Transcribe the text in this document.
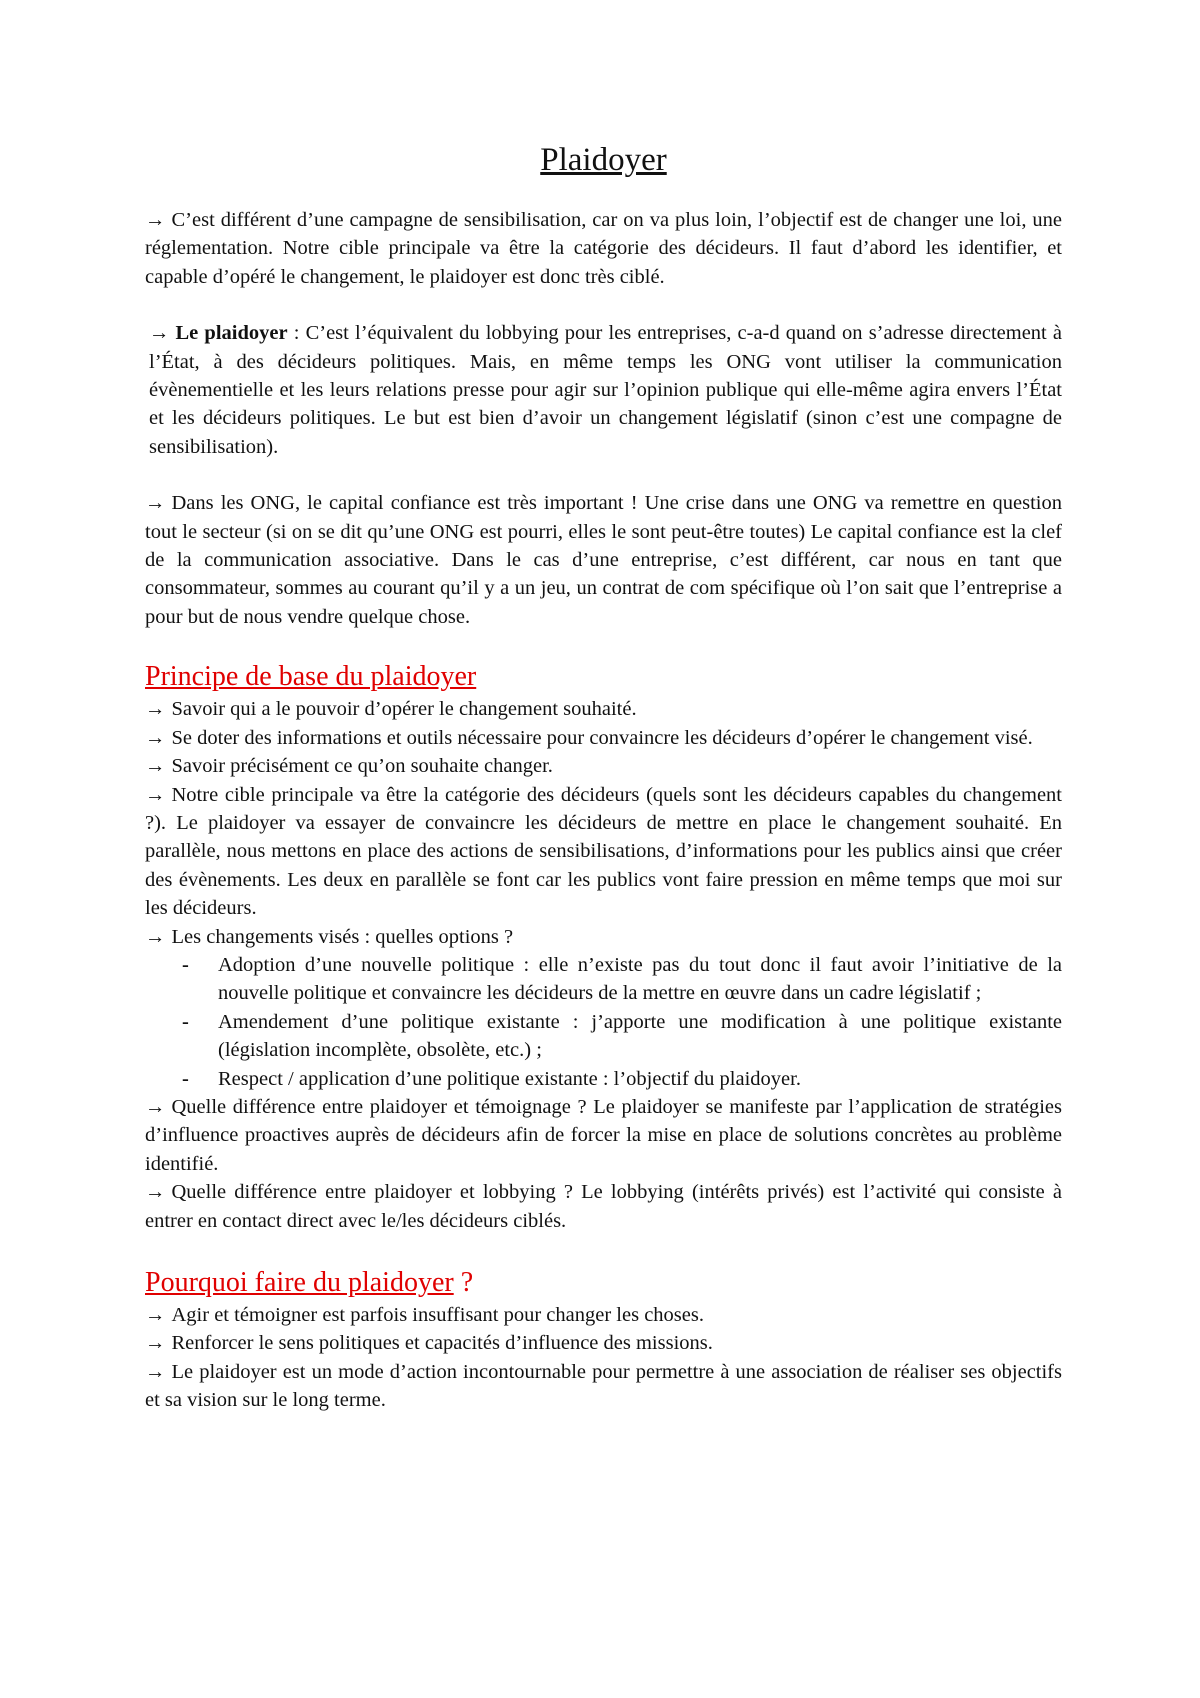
Plaidoyer

→ C’est différent d’une campagne de sensibilisation, car on va plus loin, l’objectif est de changer une loi, une réglementation. Notre cible principale va être la catégorie des décideurs. Il faut d’abord les identifier, et capable d’opéré le changement, le plaidoyer est donc très ciblé.

→ Le plaidoyer : C’est l’équivalent du lobbying pour les entreprises, c-a-d quand on s’adresse directement à l’État, à des décideurs politiques. Mais, en même temps les ONG vont utiliser la communication évènementielle et les leurs relations presse pour agir sur l’opinion publique qui elle-même agira envers l’État et les décideurs politiques. Le but est bien d’avoir un changement législatif (sinon c’est une compagne de sensibilisation).

→ Dans les ONG, le capital confiance est très important ! Une crise dans une ONG va remettre en question tout le secteur (si on se dit qu’une ONG est pourri, elles le sont peut-être toutes) Le capital confiance est la clef de la communication associative. Dans le cas d’une entreprise, c’est différent, car nous en tant que consommateur, sommes au courant qu’il y a un jeu, un contrat de com spécifique où l’on sait que l’entreprise a pour but de nous vendre quelque chose.

Principe de base du plaidoyer

→ Savoir qui a le pouvoir d’opérer le changement souhaité.

→ Se doter des informations et outils nécessaire pour convaincre les décideurs d’opérer le changement visé.

→ Savoir précisément ce qu’on souhaite changer.

→ Notre cible principale va être la catégorie des décideurs (quels sont les décideurs capables du changement ?). Le plaidoyer va essayer de convaincre les décideurs de mettre en place le changement souhaité. En parallèle, nous mettons en place des actions de sensibilisations, d’informations pour les publics ainsi que créer des évènements. Les deux en parallèle se font car les publics vont faire pression en même temps que moi sur les décideurs.

→ Les changements visés : quelles options ?

- Adoption d’une nouvelle politique : elle n’existe pas du tout donc il faut avoir l’initiative de la nouvelle politique et convaincre les décideurs de la mettre en œuvre dans un cadre législatif ;
- Amendement d’une politique existante : j’apporte une modification à une politique existante (législation incomplète, obsolète, etc.) ;
- Respect / application d’une politique existante : l’objectif du plaidoyer.

→ Quelle différence entre plaidoyer et témoignage ? Le plaidoyer se manifeste par l’application de stratégies d’influence proactives auprès de décideurs afin de forcer la mise en place de solutions concrètes au problème identifié.

→ Quelle différence entre plaidoyer et lobbying ? Le lobbying (intérêts privés) est l’activité qui consiste à entrer en contact direct avec le/les décideurs ciblés.

Pourquoi faire du plaidoyer ?

→ Agir et témoigner est parfois insuffisant pour changer les choses.

→ Renforcer le sens politiques et capacités d’influence des missions.

→ Le plaidoyer est un mode d’action incontournable pour permettre à une association de réaliser ses objectifs et sa vision sur le long terme.
